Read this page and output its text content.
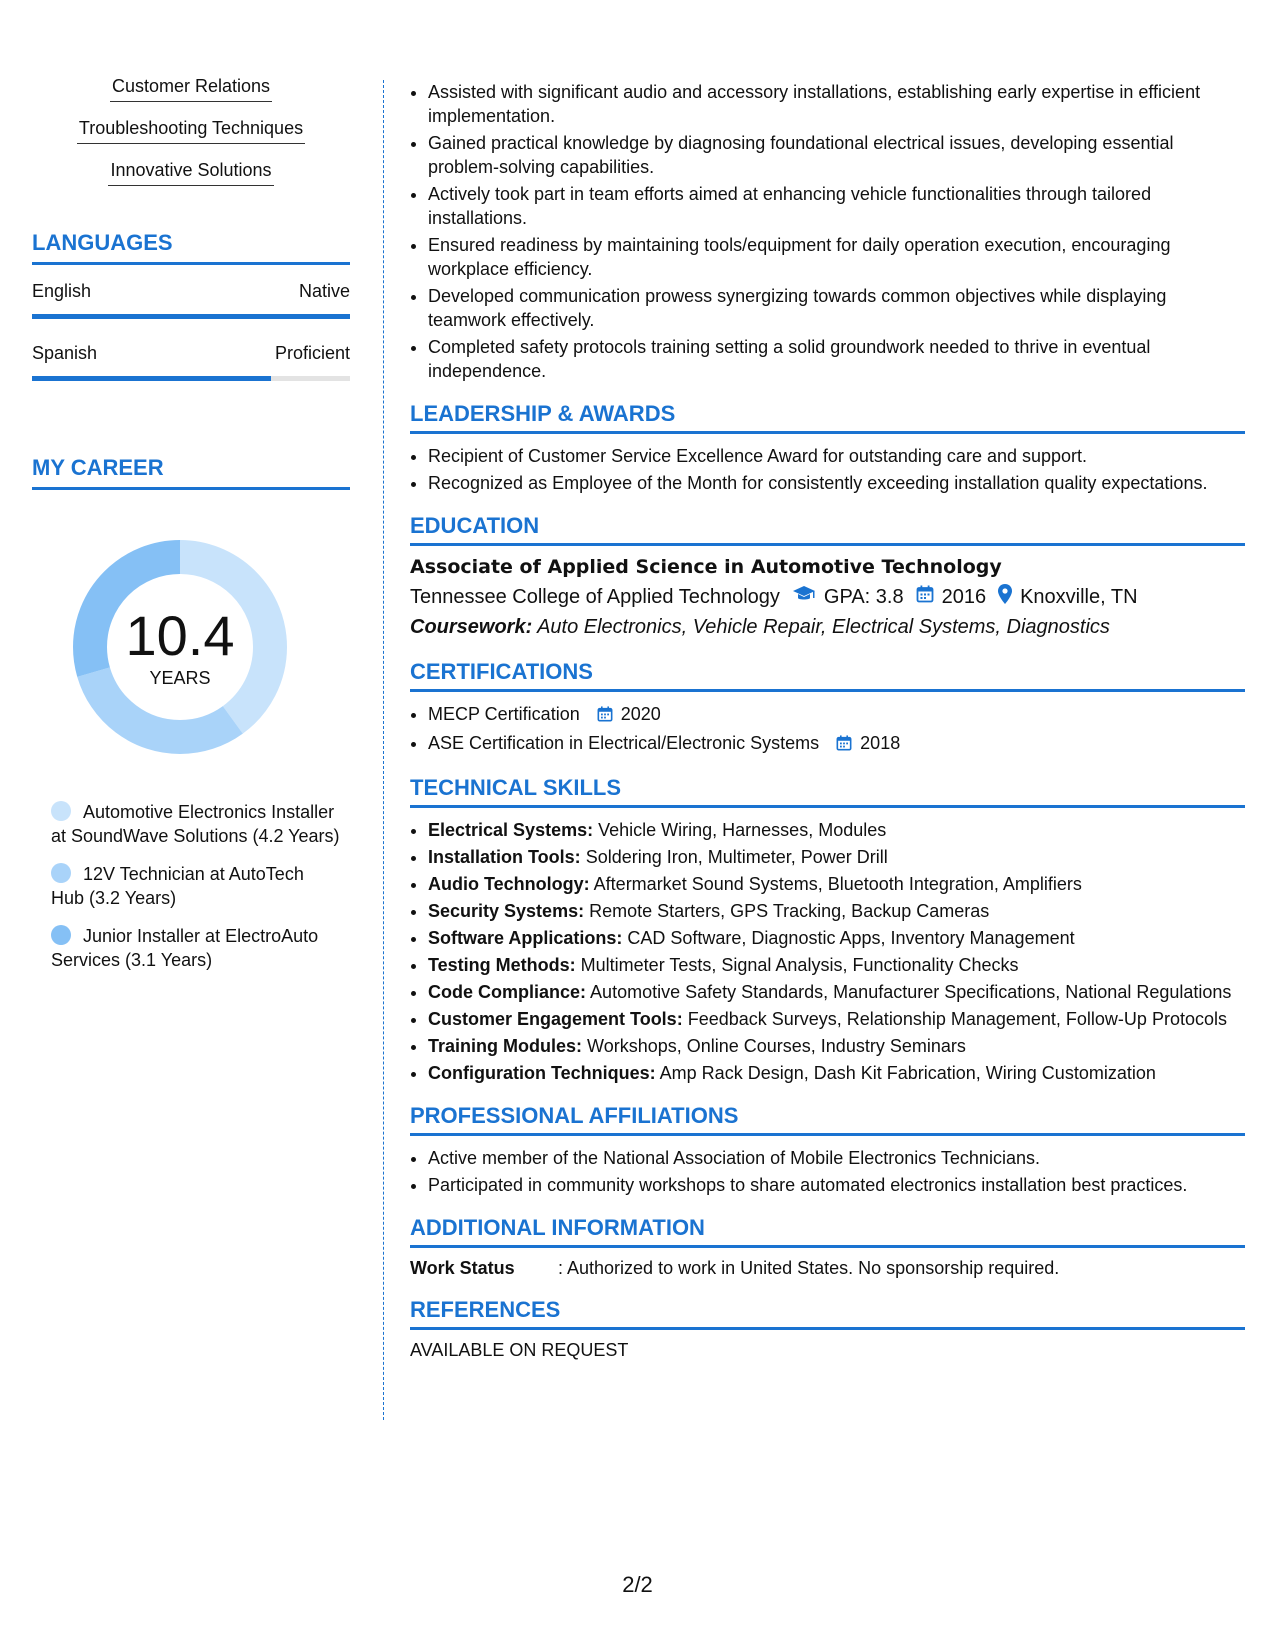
Customer Relations
Troubleshooting Techniques
Innovative Solutions
LANGUAGES
English	Native
Spanish	Proficient
MY CAREER
10.4
YEARS
Automotive Electronics Installer at SoundWave Solutions (4.2 Years)
12V Technician at AutoTech Hub (3.2 Years)
Junior Installer at ElectroAuto Services (3.1 Years)
• Assisted with significant audio and accessory installations, establishing early expertise in efficient implementation.
• Gained practical knowledge by diagnosing foundational electrical issues, developing essential problem-solving capabilities.
• Actively took part in team efforts aimed at enhancing vehicle functionalities through tailored installations.
• Ensured readiness by maintaining tools/equipment for daily operation execution, encouraging workplace efficiency.
• Developed communication prowess synergizing towards common objectives while displaying teamwork effectively.
• Completed safety protocols training setting a solid groundwork needed to thrive in eventual independence.
LEADERSHIP & AWARDS
• Recipient of Customer Service Excellence Award for outstanding care and support.
• Recognized as Employee of the Month for consistently exceeding installation quality expectations.
EDUCATION
Associate of Applied Science in Automotive Technology
Tennessee College of Applied Technology GPA: 3.8 2016 Knoxville, TN
Coursework: Auto Electronics, Vehicle Repair, Electrical Systems, Diagnostics
CERTIFICATIONS
• MECP Certification 2020
• ASE Certification in Electrical/Electronic Systems 2018
TECHNICAL SKILLS
• Electrical Systems: Vehicle Wiring, Harnesses, Modules
• Installation Tools: Soldering Iron, Multimeter, Power Drill
• Audio Technology: Aftermarket Sound Systems, Bluetooth Integration, Amplifiers
• Security Systems: Remote Starters, GPS Tracking, Backup Cameras
• Software Applications: CAD Software, Diagnostic Apps, Inventory Management
• Testing Methods: Multimeter Tests, Signal Analysis, Functionality Checks
• Code Compliance: Automotive Safety Standards, Manufacturer Specifications, National Regulations
• Customer Engagement Tools: Feedback Surveys, Relationship Management, Follow-Up Protocols
• Training Modules: Workshops, Online Courses, Industry Seminars
• Configuration Techniques: Amp Rack Design, Dash Kit Fabrication, Wiring Customization
PROFESSIONAL AFFILIATIONS
• Active member of the National Association of Mobile Electronics Technicians.
• Participated in community workshops to share automated electronics installation best practices.
ADDITIONAL INFORMATION
Work Status	: Authorized to work in United States. No sponsorship required.
REFERENCES
AVAILABLE ON REQUEST
2/2
